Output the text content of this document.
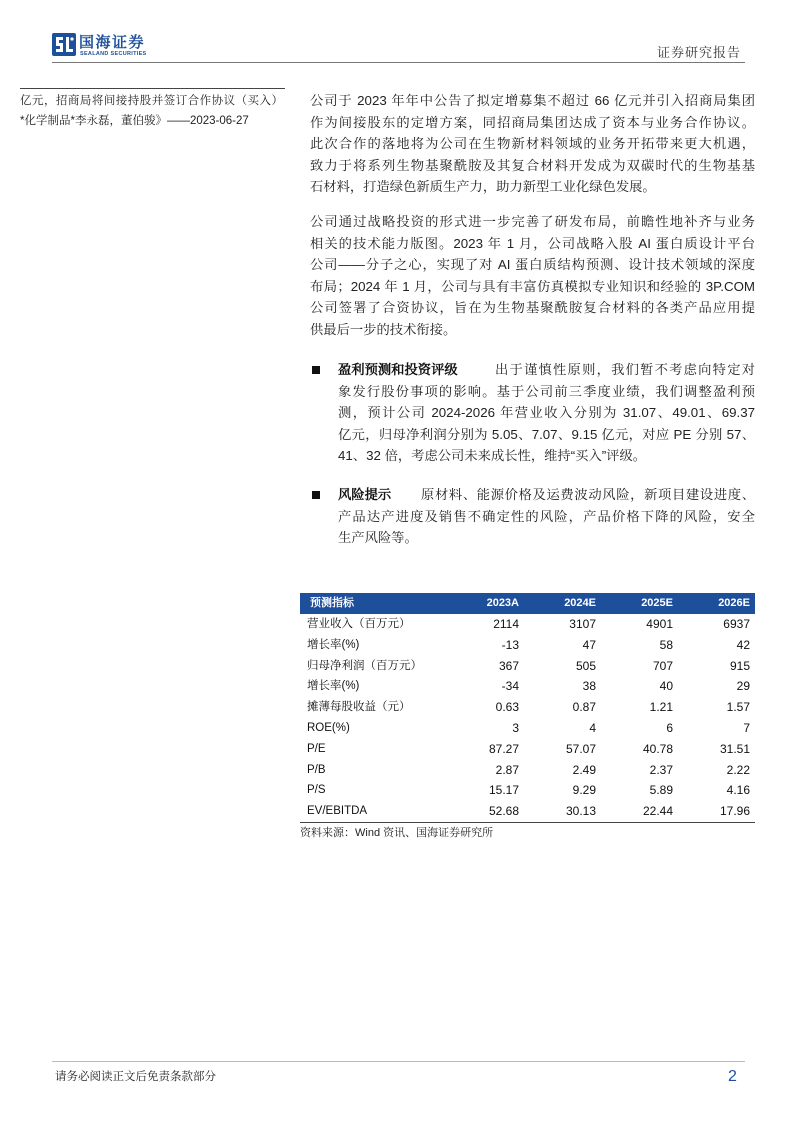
国海证券
SEALAND SECURITIES	证券研究报告
亿元，招商局将间接持股并签订合作协议（买入）
*化学制品*李永磊，董伯骏》——2023-06-27
公司于 2023 年年中公告了拟定增募集不超过 66 亿元并引入招商局集团
作为间接股东的定增方案，同招商局集团达成了资本与业务合作协议。
此次合作的落地将为公司在生物新材料领域的业务开拓带来更大机遇，
致力于将系列生物基聚酰胺及其复合材料开发成为双碳时代的生物基基
石材料，打造绿色新质生产力，助力新型工业化绿色发展。
公司通过战略投资的形式进一步完善了研发布局，前瞻性地补齐与业务
相关的技术能力版图。2023 年 1 月，公司战略入股 AI 蛋白质设计平台
公司——分子之心，实现了对 AI 蛋白质结构预测、设计技术领域的深度
布局；2024 年 1 月，公司与具有丰富仿真模拟专业知识和经验的 3P.COM
公司签署了合资协议，旨在为生物基聚酰胺复合材料的各类产品应用提
供最后一步的技术衔接。
盈利预测和投资评级	出于谨慎性原则，我们暂不考虑向特定对
象发行股份事项的影响。基于公司前三季度业绩，我们调整盈利预
测，预计公司 2024-2026 年营业收入分别为 31.07、49.01、69.37
亿元，归母净利润分别为 5.05、7.07、9.15 亿元，对应 PE 分别 57、
41、32 倍，考虑公司未来成长性，维持“买入”评级。
风险提示	原材料、能源价格及运费波动风险，新项目建设进度、
产品达产进度及销售不确定性的风险，产品价格下降的风险，安全
生产风险等。
预测指标	2023A	2024E	2025E	2026E
营业收入（百万元）	2114	3107	4901	6937
增长率(%)	-13	47	58	42
归母净利润（百万元）	367	505	707	915
增长率(%)	-34	38	40	29
摊薄每股收益（元）	0.63	0.87	1.21	1.57
ROE(%)	3	4	6	7
P/E	87.27	57.07	40.78	31.51
P/B	2.87	2.49	2.37	2.22
P/S	15.17	9.29	5.89	4.16
EV/EBITDA	52.68	30.13	22.44	17.96
资料来源：Wind 资讯、国海证券研究所
请务必阅读正文后免责条款部分	2
